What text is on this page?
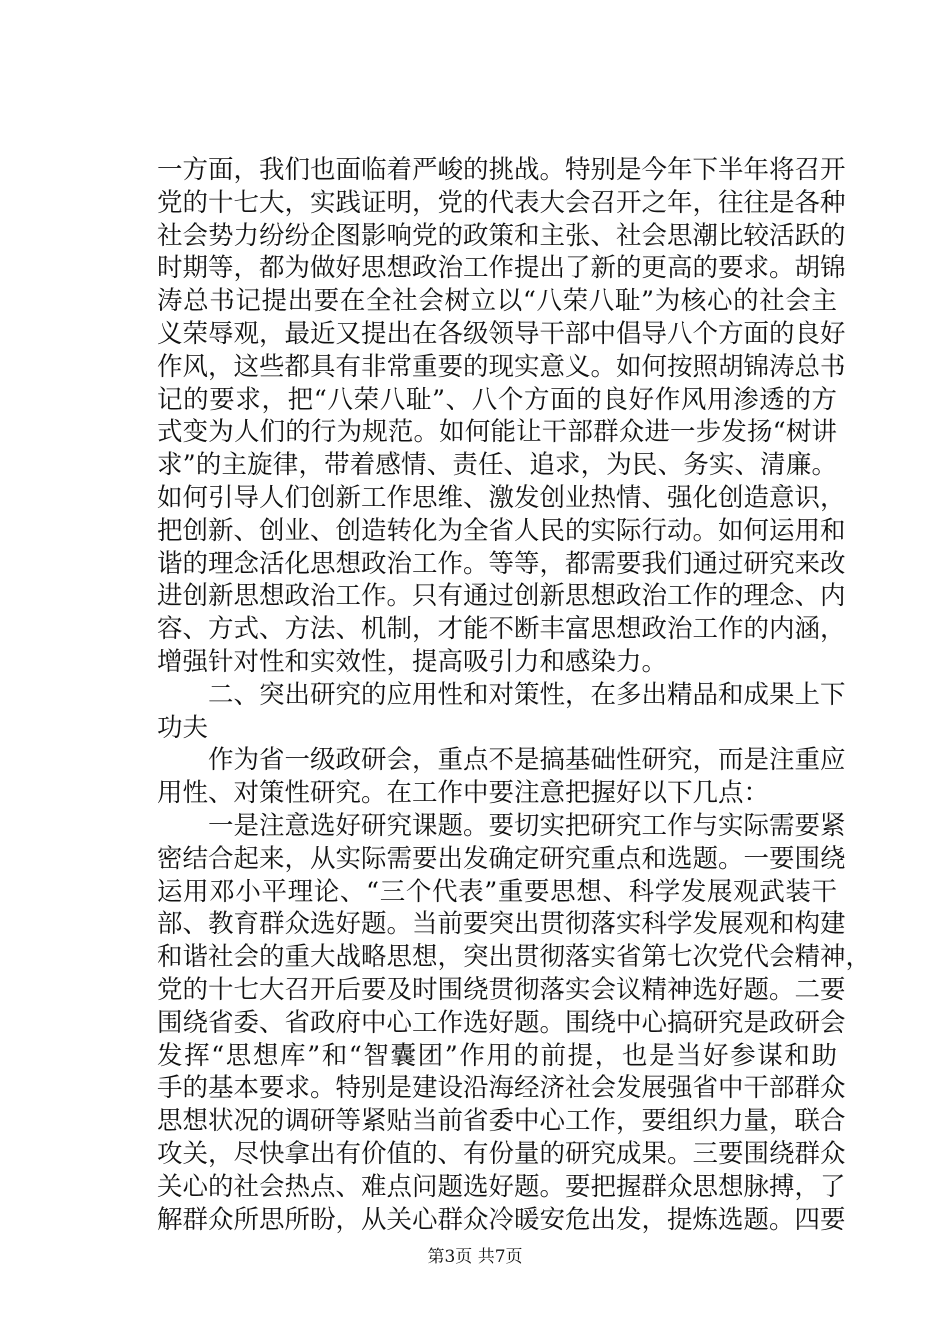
一方面，我们也面临着严峻的挑战。特别是今年下半年将召开
党的十七大，实践证明，党的代表大会召开之年，往往是各种
社会势力纷纷企图影响党的政策和主张、社会思潮比较活跃的
时期等，都为做好思想政治工作提出了新的更高的要求。胡锦
涛总书记提出要在全社会树立以“八荣八耻”为核心的社会主
义荣辱观，最近又提出在各级领导干部中倡导八个方面的良好
作风，这些都具有非常重要的现实意义。如何按照胡锦涛总书
记的要求，把“八荣八耻”、八个方面的良好作风用渗透的方
式变为人们的行为规范。如何能让干部群众进一步发扬“树讲
求”的主旋律，带着感情、责任、追求，为民、务实、清廉。
如何引导人们创新工作思维、激发创业热情、强化创造意识，
把创新、创业、创造转化为全省人民的实际行动。如何运用和
谐的理念活化思想政治工作。等等，都需要我们通过研究来改
进创新思想政治工作。只有通过创新思想政治工作的理念、内
容、方式、方法、机制，才能不断丰富思想政治工作的内涵，
增强针对性和实效性，提高吸引力和感染力。
　　二、突出研究的应用性和对策性，在多出精品和成果上下
功夫
　　作为省一级政研会，重点不是搞基础性研究，而是注重应
用性、对策性研究。在工作中要注意把握好以下几点：
　　一是注意选好研究课题。要切实把研究工作与实际需要紧
密结合起来，从实际需要出发确定研究重点和选题。一要围绕
运用邓小平理论、“三个代表”重要思想、科学发展观武装干
部、教育群众选好题。当前要突出贯彻落实科学发展观和构建
和谐社会的重大战略思想，突出贯彻落实省第七次党代会精神，
党的十七大召开后要及时围绕贯彻落实会议精神选好题。二要
围绕省委、省政府中心工作选好题。围绕中心搞研究是政研会
发挥“思想库”和“智囊团”作用的前提，也是当好参谋和助
手的基本要求。特别是建设沿海经济社会发展强省中干部群众
思想状况的调研等紧贴当前省委中心工作，要组织力量，联合
攻关，尽快拿出有价值的、有份量的研究成果。三要围绕群众
关心的社会热点、难点问题选好题。要把握群众思想脉搏，了
解群众所思所盼，从关心群众冷暖安危出发，提炼选题。四要
第3页 共7页
